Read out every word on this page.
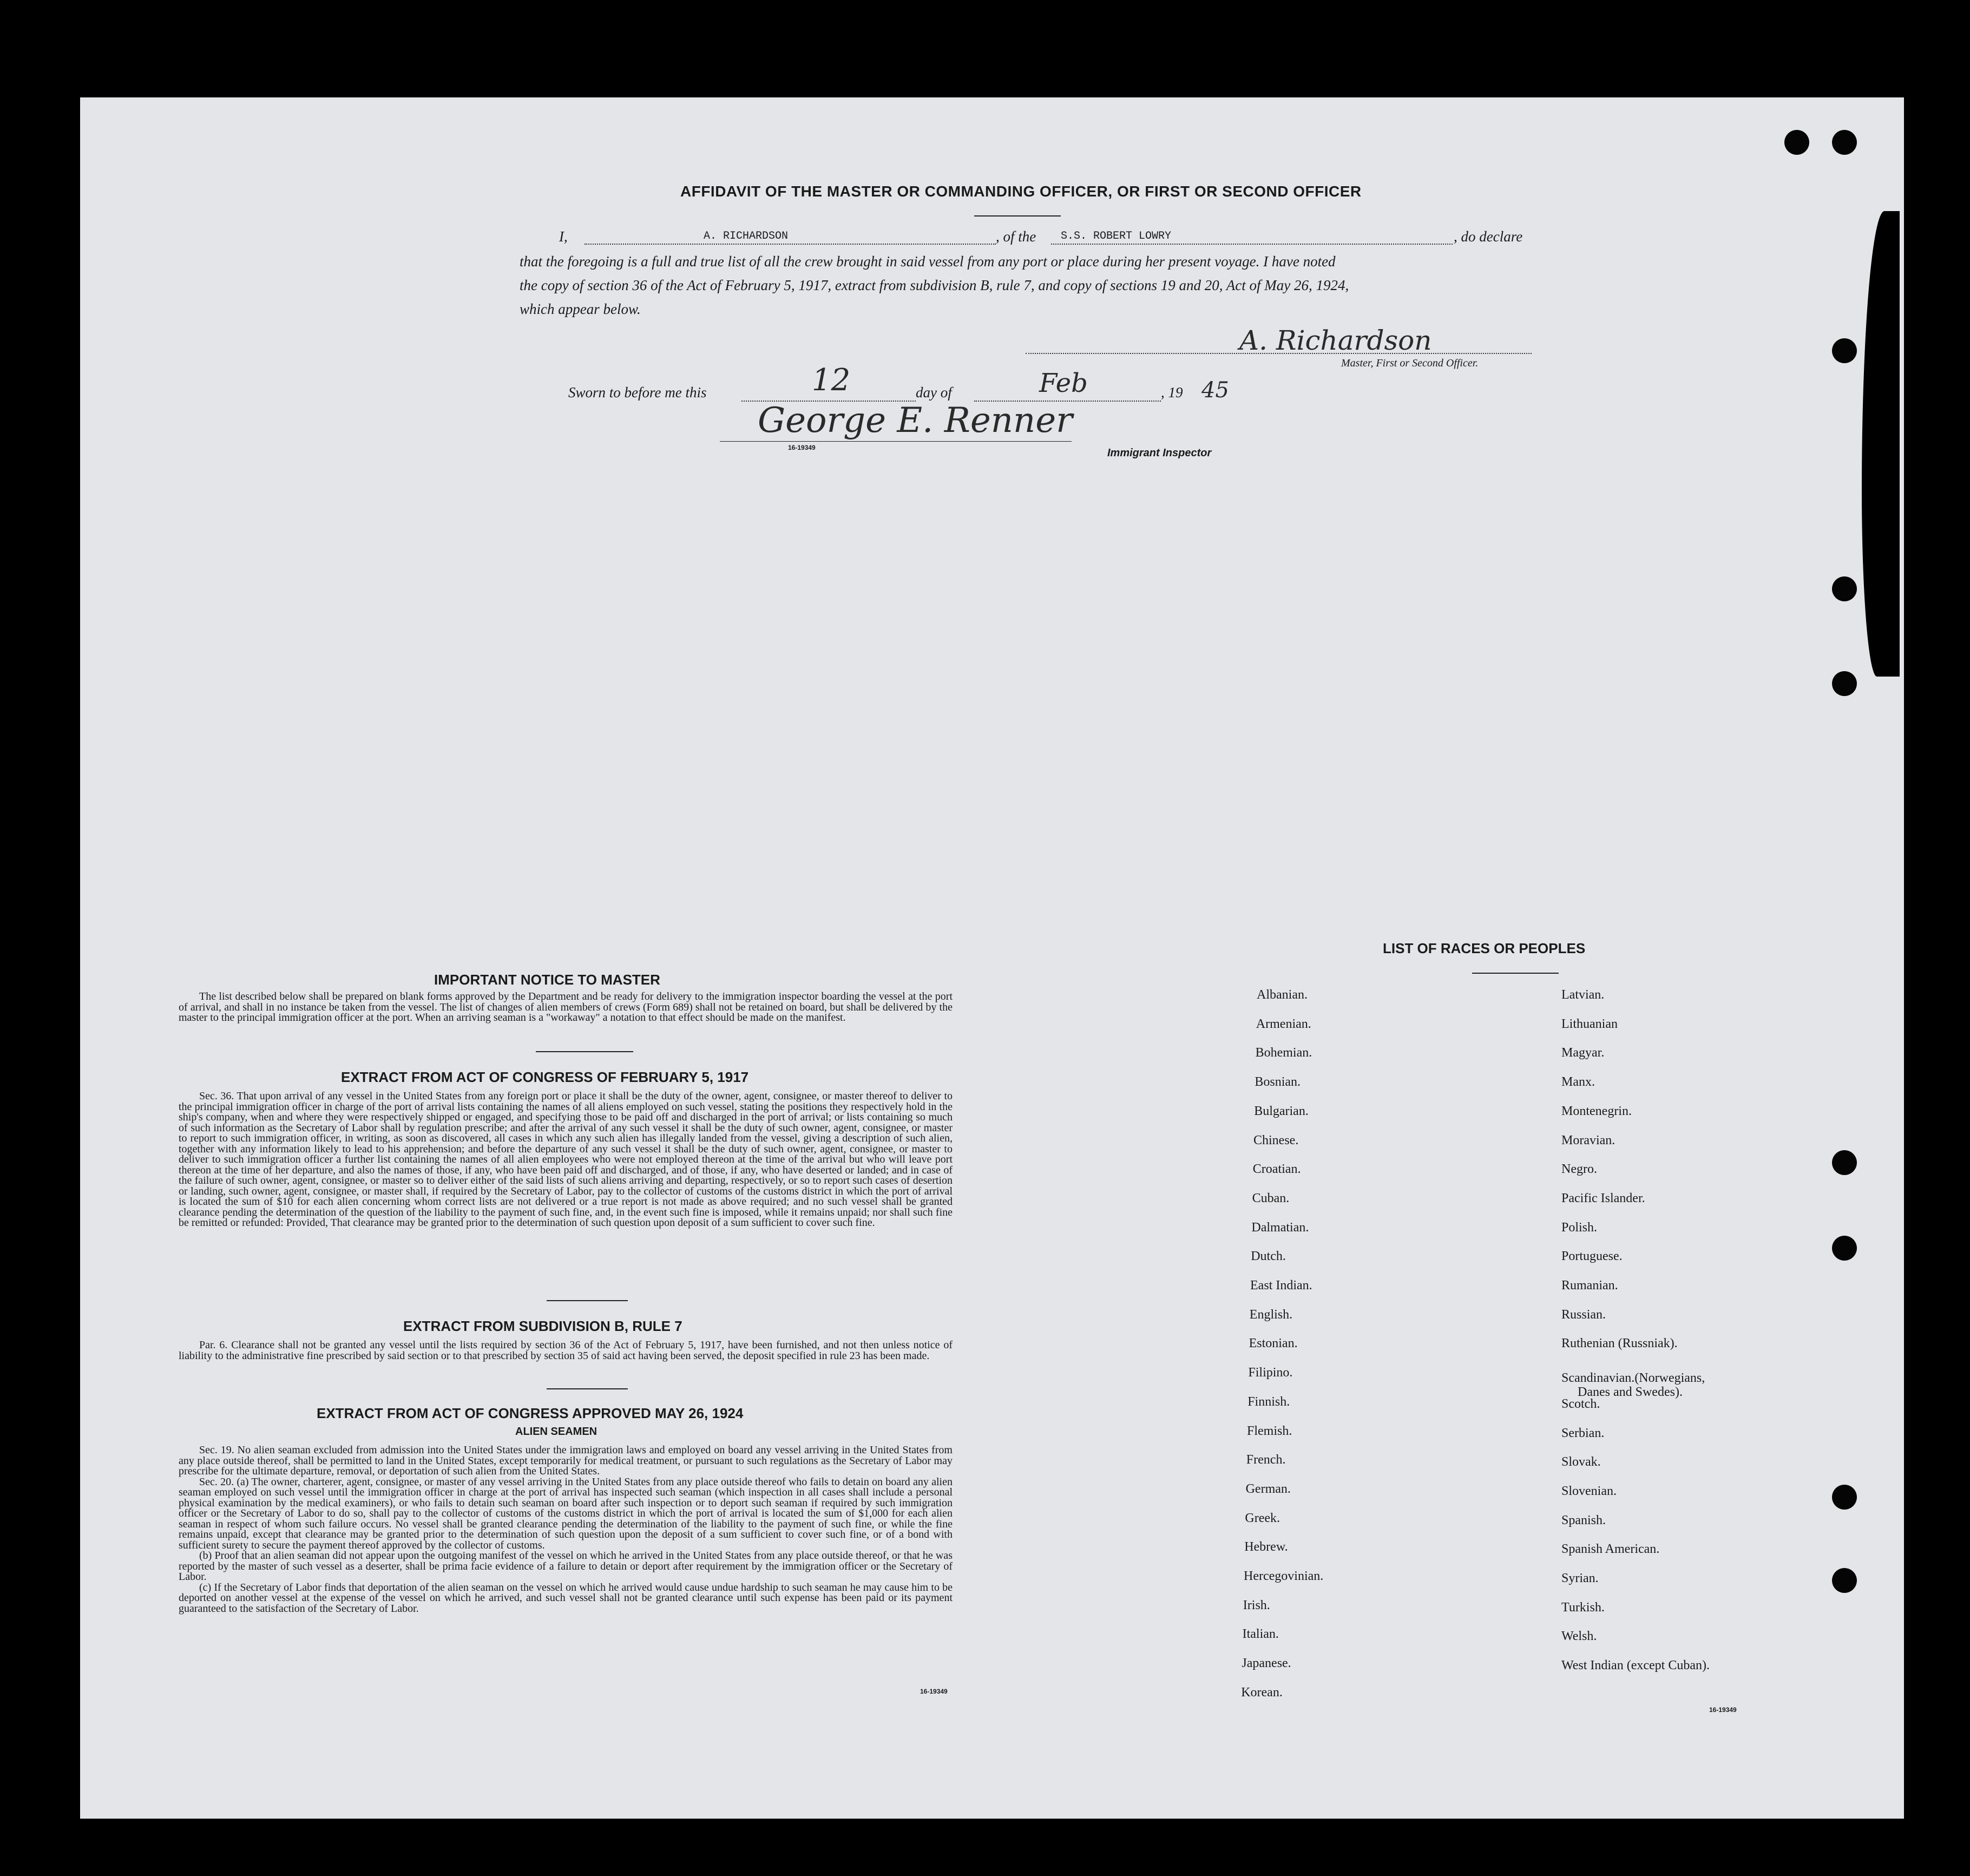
AFFIDAVIT OF THE MASTER OR COMMANDING OFFICER, OR FIRST OR SECOND OFFICER
I,	A. RICHARDSON	, of the S.S. ROBERT LOWRY	, do declare
that the foregoing is a full and true list of all the crew brought in said vessel from any port or place during her present voyage. I have noted
the copy of section 36 of the Act of February 5, 1917, extract from subdivision B, rule 7, and copy of sections 19 and 20, Act of May 26, 1924,
which appear below.
A. Richardson
Master, First or Second Officer.
Sworn to before me this	12	day of	Feb	, 19 45
George E. Renner
16-19349	Immigrant Inspector
IMPORTANT NOTICE TO MASTER

The list described below shall be prepared on blank forms approved by the Department and be ready for delivery to the immigration inspector boarding the vessel at the port of arrival, and shall in no instance be taken from the vessel. The list of changes of alien members of crews (Form 689) shall not be retained on board, but shall be delivered by the master to the principal immigration officer at the port. When an arriving seaman is a "workaway" a notation to that effect should be made on the manifest.

EXTRACT FROM ACT OF CONGRESS OF FEBRUARY 5, 1917

Sec. 36. That upon arrival of any vessel in the United States from any foreign port or place it shall be the duty of the owner, agent, consignee, or master thereof to deliver to the principal immigration officer in charge of the port of arrival lists containing the names of all aliens employed on such vessel, stating the positions they respectively hold in the ship's company, when and where they were respectively shipped or engaged, and specifying those to be paid off and discharged in the port of arrival; or lists containing so much of such information as the Secretary of Labor shall by regulation prescribe; and after the arrival of any such vessel it shall be the duty of such owner, agent, consignee, or master to report to such immigration officer, in writing, as soon as discovered, all cases in which any such alien has illegally landed from the vessel, giving a description of such alien, together with any information likely to lead to his apprehension; and before the departure of any such vessel it shall be the duty of such owner, agent, consignee, or master to deliver to such immigration officer a further list containing the names of all alien employees who were not employed thereon at the time of the arrival but who will leave port thereon at the time of her departure, and also the names of those, if any, who have been paid off and discharged, and of those, if any, who have deserted or landed; and in case of the failure of such owner, agent, consignee, or master so to deliver either of the said lists of such aliens arriving and departing, respectively, or so to report such cases of desertion or landing, such owner, agent, consignee, or master shall, if required by the Secretary of Labor, pay to the collector of customs of the customs district in which the port of arrival is located the sum of $10 for each alien concerning whom correct lists are not delivered or a true report is not made as above required; and no such vessel shall be granted clearance pending the determination of the question of the liability to the payment of such fine, and, in the event such fine is imposed, while it remains unpaid; nor shall such fine be remitted or refunded: Provided, That clearance may be granted prior to the determination of such question upon deposit of a sum sufficient to cover such fine.

EXTRACT FROM SUBDIVISION B, RULE 7

Par. 6. Clearance shall not be granted any vessel until the lists required by section 36 of the Act of February 5, 1917, have been furnished, and not then unless notice of liability to the administrative fine prescribed by said section or to that prescribed by section 35 of said act having been served, the deposit specified in rule 23 has been made.

EXTRACT FROM ACT OF CONGRESS APPROVED MAY 26, 1924
ALIEN SEAMEN

Sec. 19. No alien seaman excluded from admission into the United States under the immigration laws and employed on board any vessel arriving in the United States from any place outside thereof, shall be permitted to land in the United States, except temporarily for medical treatment, or pursuant to such regulations as the Secretary of Labor may prescribe for the ultimate departure, removal, or deportation of such alien from the United States.

Sec. 20. (a) The owner, charterer, agent, consignee, or master of any vessel arriving in the United States from any place outside thereof who fails to detain on board any alien seaman employed on such vessel until the immigration officer in charge at the port of arrival has inspected such seaman (which inspection in all cases shall include a personal physical examination by the medical examiners), or who fails to detain such seaman on board after such inspection or to deport such seaman if required by such immigration officer or the Secretary of Labor to do so, shall pay to the collector of customs of the customs district in which the port of arrival is located the sum of $1,000 for each alien seaman in respect of whom such failure occurs. No vessel shall be granted clearance pending the determination of the liability to the payment of such fine, or while the fine remains unpaid, except that clearance may be granted prior to the determination of such question upon the deposit of a sum sufficient to cover such fine, or of a bond with sufficient surety to secure the payment thereof approved by the collector of customs.

(b) Proof that an alien seaman did not appear upon the outgoing manifest of the vessel on which he arrived in the United States from any place outside thereof, or that he was reported by the master of such vessel as a deserter, shall be prima facie evidence of a failure to detain or deport after requirement by the immigration officer or the Secretary of Labor.

(c) If the Secretary of Labor finds that deportation of the alien seaman on the vessel on which he arrived would cause undue hardship to such seaman he may cause him to be deported on another vessel at the expense of the vessel on which he arrived, and such vessel shall not be granted clearance until such expense has been paid or its payment guaranteed to the satisfaction of the Secretary of Labor.

16-19349
LIST OF RACES OR PEOPLES
Albanian.
Armenian.
Bohemian.
Bosnian.
Bulgarian.
Chinese.
Croatian.
Cuban.
Dalmatian.
Dutch.
East Indian.
English.
Estonian.
Filipino.
Finnish.
Flemish.
French.
German.
Greek.
Hebrew.
Hercegovinian.
Irish.
Italian.
Japanese.
Korean.
Latvian.
Lithuanian
Magyar.
Manx.
Montenegrin.
Moravian.
Negro.
Pacific Islander.
Polish.
Portuguese.
Rumanian.
Russian.
Ruthenian (Russniak).
Scandinavian.(Norwegians,
Danes and Swedes).
Scotch.
Serbian.
Slovak.
Slovenian.
Spanish.
Spanish American.
Syrian.
Turkish.
Welsh.
West Indian (except Cuban).
16-19349
